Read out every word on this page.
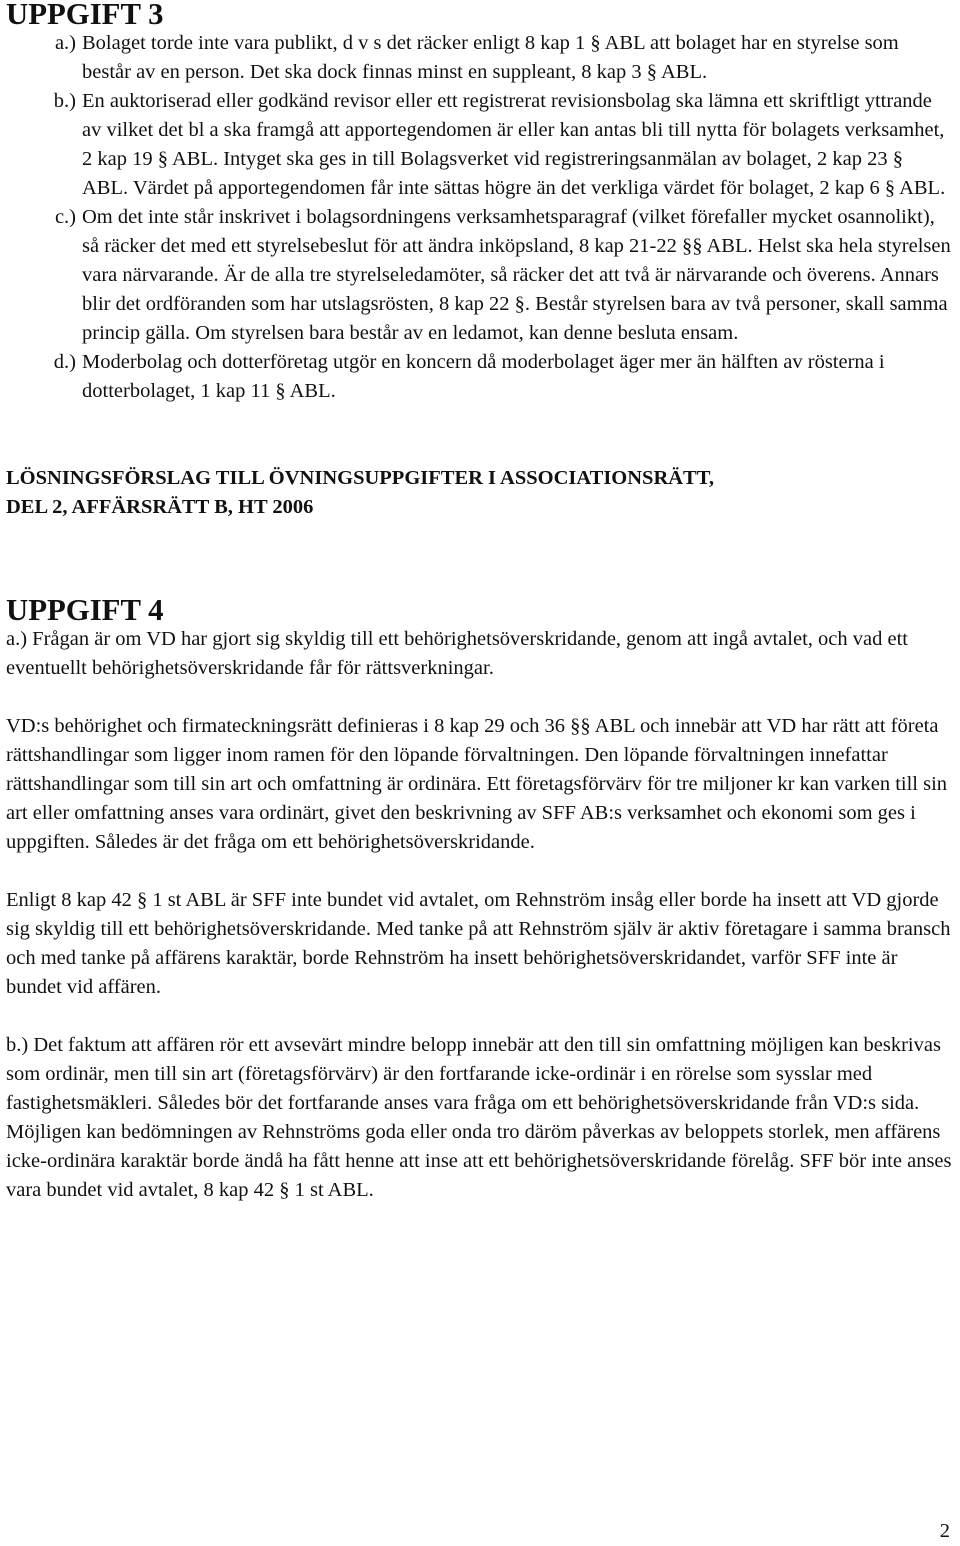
UPPGIFT 3
a.) Bolaget torde inte vara publikt, d v s det räcker enligt 8 kap 1 § ABL att bolaget har en styrelse som består av en person. Det ska dock finnas minst en suppleant, 8 kap 3 § ABL.
b.) En auktoriserad eller godkänd revisor eller ett registrerat revisionsbolag ska lämna ett skriftligt yttrande av vilket det bl a ska framgå att apportegendomen är eller kan antas bli till nytta för bolagets verksamhet, 2 kap 19 § ABL. Intyget ska ges in till Bolagsverket vid registreringsanmälan av bolaget, 2 kap 23 § ABL. Värdet på apportegendomen får inte sättas högre än det verkliga värdet för bolaget, 2 kap 6 § ABL.
c.) Om det inte står inskrivet i bolagsordningens verksamhetsparagraf (vilket förefaller mycket osannolikt), så räcker det med ett styrelsebeslut för att ändra inköpsland, 8 kap 21-22 §§ ABL. Helst ska hela styrelsen vara närvarande. Är de alla tre styrelseledamöter, så räcker det att två är närvarande och överens. Annars blir det ordföranden som har utslagsrösten, 8 kap 22 §. Består styrelsen bara av två personer, skall samma princip gälla. Om styrelsen bara består av en ledamot, kan denne besluta ensam.
d.) Moderbolag och dotterföretag utgör en koncern då moderbolaget äger mer än hälften av rösterna i dotterbolaget, 1 kap 11 § ABL.
LÖSNINGSFÖRSLAG TILL ÖVNINGSUPPGIFTER I ASSOCIATIONSRÄTT,
DEL 2, AFFÄRSRÄTT B, HT 2006
UPPGIFT 4

a.) Frågan är om VD har gjort sig skyldig till ett behörighetsöverskridande, genom att ingå avtalet, och vad ett eventuellt behörighetsöverskridande får för rättsverkningar.

VD:s behörighet och firmateckningsrätt definieras i 8 kap 29 och 36 §§ ABL och innebär att VD har rätt att företa rättshandlingar som ligger inom ramen för den löpande förvaltningen. Den löpande förvaltningen innefattar rättshandlingar som till sin art och omfattning är ordinära. Ett företagsförvärv för tre miljoner kr kan varken till sin art eller omfattning anses vara ordinärt, givet den beskrivning av SFF AB:s verksamhet och ekonomi som ges i uppgiften. Således är det fråga om ett behörighetsöverskridande.

Enligt 8 kap 42 § 1 st ABL är SFF inte bundet vid avtalet, om Rehnström insåg eller borde ha insett att VD gjorde sig skyldig till ett behörighetsöverskridande. Med tanke på att Rehnström själv är aktiv företagare i samma bransch och med tanke på affärens karaktär, borde Rehnström ha insett behörighetsöverskridandet, varför SFF inte är bundet vid affären.

b.) Det faktum att affären rör ett avsevärt mindre belopp innebär att den till sin omfattning möjligen kan beskrivas som ordinär, men till sin art (företagsförvärv) är den fortfarande icke-ordinär i en rörelse som sysslar med fastighetsmäkleri. Således bör det fortfarande anses vara fråga om ett behörighetsöverskridande från VD:s sida. Möjligen kan bedömningen av Rehnströms goda eller onda tro däröm påverkas av beloppets storlek, men affärens icke-ordinära karaktär borde ändå ha fått henne att inse att ett behörighetsöverskridande förelåg. SFF bör inte anses vara bundet vid avtalet, 8 kap 42 § 1 st ABL.

2
